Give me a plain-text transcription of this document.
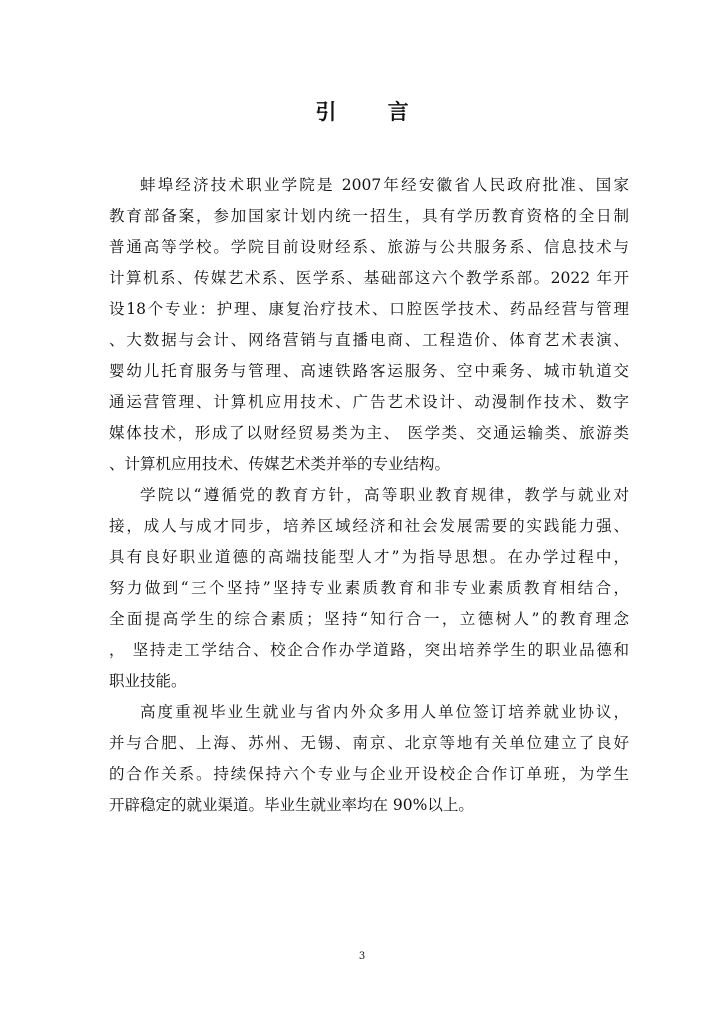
引 言
蚌埠经济技术职业学院是 2007年经安徽省人民政府批准、国家
教育部备案，参加国家计划内统一招生，具有学历教育资格的全日制
普通高等学校。学院目前设财经系、旅游与公共服务系、信息技术与
计算机系、传媒艺术系、医学系、基础部这六个教学系部。2022 年开
设18个专业：护理、康复治疗技术、口腔医学技术、药品经营与管理
、大数据与会计、网络营销与直播电商、工程造价、体育艺术表演、
婴幼儿托育服务与管理、高速铁路客运服务、空中乘务、城市轨道交
通运营管理、计算机应用技术、广告艺术设计、动漫制作技术、数字
媒体技术，形成了以财经贸易类为主、 医学类、交通运输类、旅游类
、计算机应用技术、传媒艺术类并举的专业结构。
学院以“遵循党的教育方针，高等职业教育规律，教学与就业对
接，成人与成才同步，培养区域经济和社会发展需要的实践能力强、
具有良好职业道德的高端技能型人才”为指导思想。在办学过程中，
努力做到“三个坚持”坚持专业素质教育和非专业素质教育相结合，
全面提高学生的综合素质；坚持“知行合一，立德树人”的教育理念
， 坚持走工学结合、校企合作办学道路，突出培养学生的职业品德和
职业技能。
高度重视毕业生就业与省内外众多用人单位签订培养就业协议，
并与合肥、上海、苏州、无锡、南京、北京等地有关单位建立了良好
的合作关系。持续保持六个专业与企业开设校企合作订单班，为学生
开辟稳定的就业渠道。毕业生就业率均在 90%以上。
3
